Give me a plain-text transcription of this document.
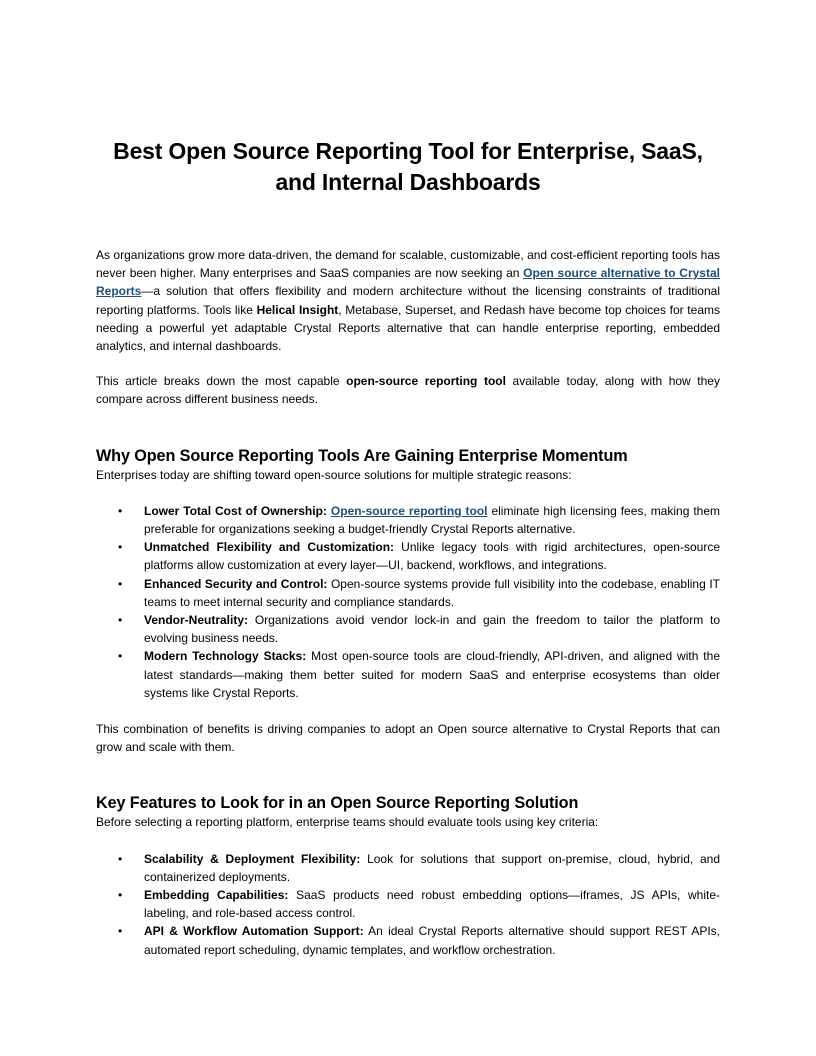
Best Open Source Reporting Tool for Enterprise, SaaS, and Internal Dashboards

As organizations grow more data-driven, the demand for scalable, customizable, and cost-efficient reporting tools has never been higher. Many enterprises and SaaS companies are now seeking an Open source alternative to Crystal Reports—a solution that offers flexibility and modern architecture without the licensing constraints of traditional reporting platforms. Tools like Helical Insight, Metabase, Superset, and Redash have become top choices for teams needing a powerful yet adaptable Crystal Reports alternative that can handle enterprise reporting, embedded analytics, and internal dashboards.

This article breaks down the most capable open-source reporting tool available today, along with how they compare across different business needs.

Why Open Source Reporting Tools Are Gaining Enterprise Momentum

Enterprises today are shifting toward open-source solutions for multiple strategic reasons:

• Lower Total Cost of Ownership: Open-source reporting tool eliminate high licensing fees, making them preferable for organizations seeking a budget-friendly Crystal Reports alternative.
• Unmatched Flexibility and Customization: Unlike legacy tools with rigid architectures, open-source platforms allow customization at every layer—UI, backend, workflows, and integrations.
• Enhanced Security and Control: Open-source systems provide full visibility into the codebase, enabling IT teams to meet internal security and compliance standards.
• Vendor-Neutrality: Organizations avoid vendor lock-in and gain the freedom to tailor the platform to evolving business needs.
• Modern Technology Stacks: Most open-source tools are cloud-friendly, API-driven, and aligned with the latest standards—making them better suited for modern SaaS and enterprise ecosystems than older systems like Crystal Reports.

This combination of benefits is driving companies to adopt an Open source alternative to Crystal Reports that can grow and scale with them.

Key Features to Look for in an Open Source Reporting Solution

Before selecting a reporting platform, enterprise teams should evaluate tools using key criteria:

• Scalability & Deployment Flexibility: Look for solutions that support on-premise, cloud, hybrid, and containerized deployments.
• Embedding Capabilities: SaaS products need robust embedding options—iframes, JS APIs, white-labeling, and role-based access control.
• API & Workflow Automation Support: An ideal Crystal Reports alternative should support REST APIs, automated report scheduling, dynamic templates, and workflow orchestration.
